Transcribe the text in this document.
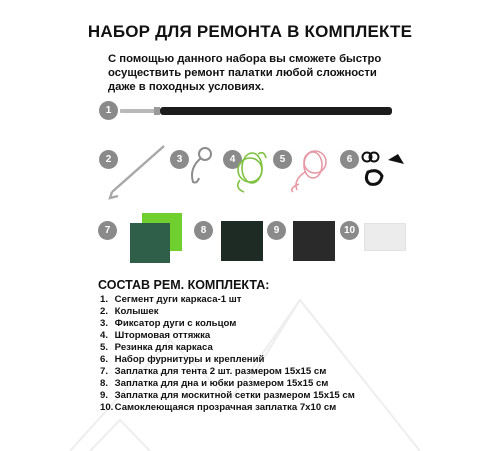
НАБОР ДЛЯ РЕМОНТА В КОМПЛЕКТЕ
С помощью данного набора вы сможете быстро осуществить ремонт палатки любой сложности даже в походных условиях.
1
2	3	4	5	6
7	8	9	10
СОСТАВ РЕМ. КОМПЛЕКТА:
1. Сегмент дуги каркаса-1 шт
2. Колышек
3. Фиксатор дуги с кольцом
4. Штормовая оттяжка
5. Резинка для каркаса
6. Набор фурнитуры и креплений
7. Заплатка для тента 2 шт. размером 15х15 см
8. Заплатка для дна и юбки размером 15х15 см
9. Заплатка для москитной сетки размером 15х15 см
10. Самоклеющаяся прозрачная заплатка 7х10 см
